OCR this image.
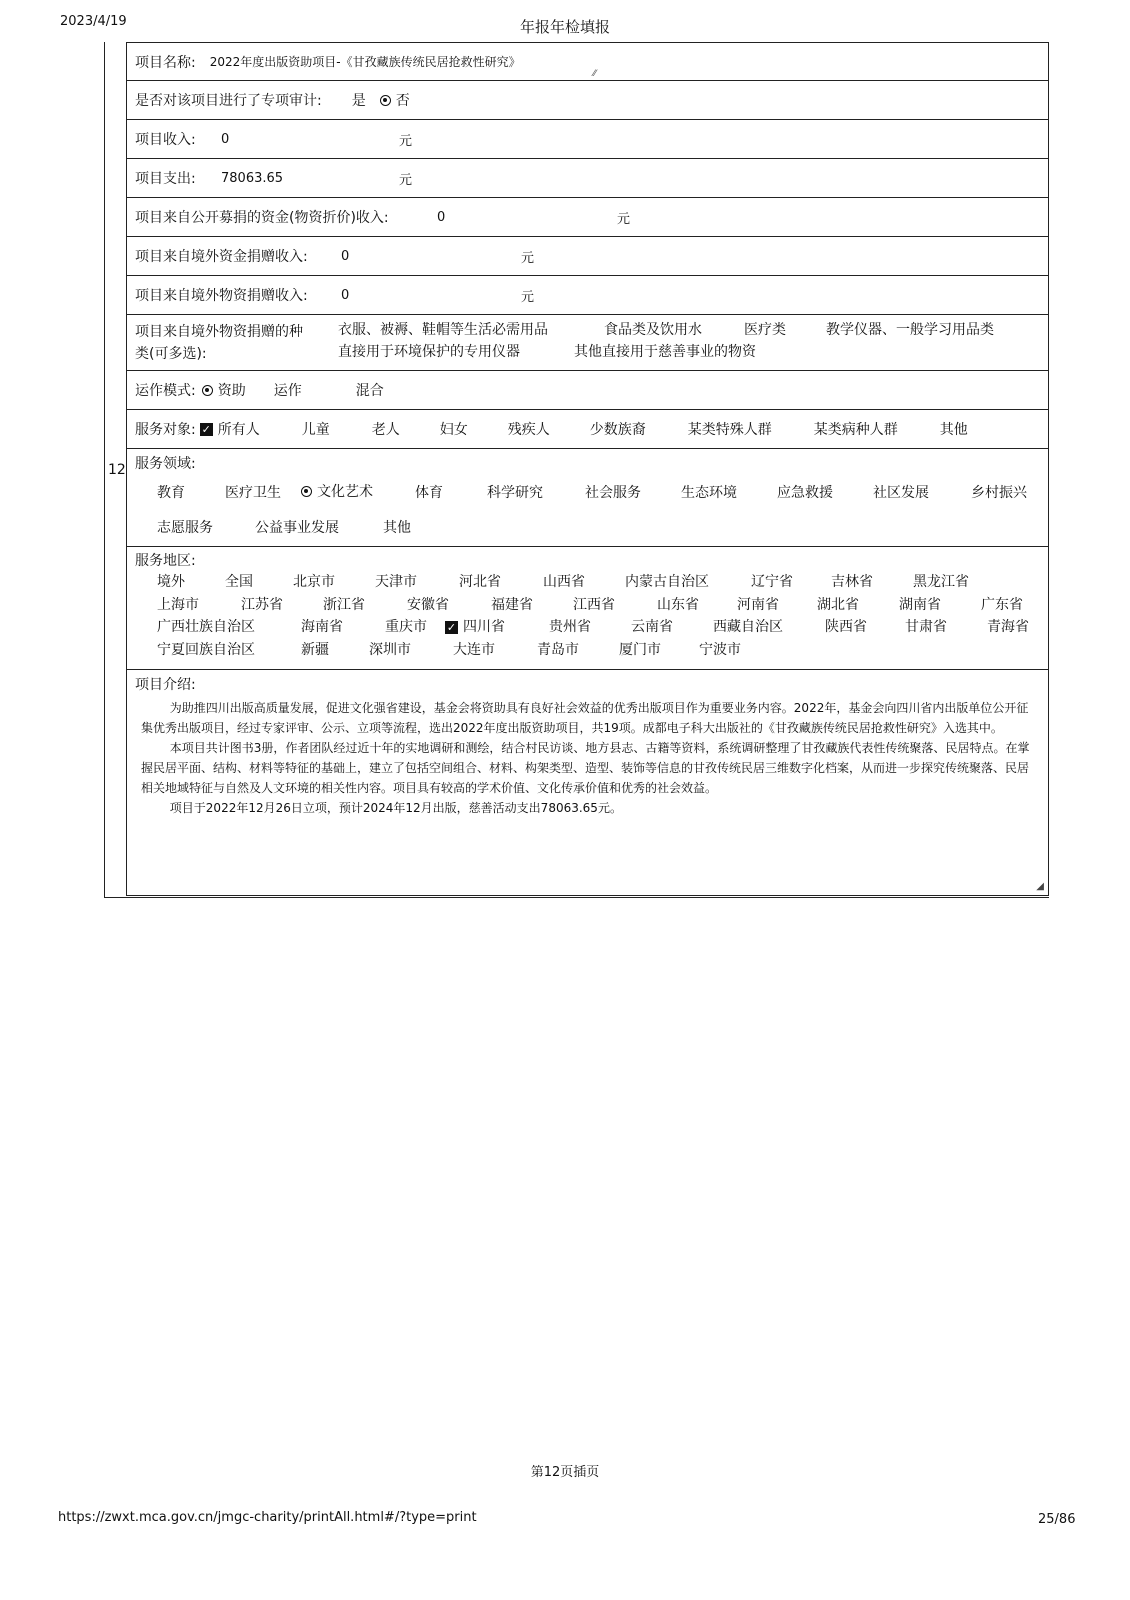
2023/4/19	年报年检填报
12
项目名称: 2022年度出版资助项目-《甘孜藏族传统民居抢救性研究》
⁄⁄
是否对该项目进行了专项审计: 是 否
项目收入: 0	元
项目支出: 78063.65	元
项目来自公开募捐的资金(物资折价)收入:	0	元
项目来自境外资金捐赠收入:	0	元
项目来自境外物资捐赠收入:	0	元
项目来自境外物资捐赠的种
类(可多选):
衣服、被褥、鞋帽等生活必需用品	食品类及饮用水	医疗类	教学仪器、一般学习用品类
直接用于环境保护的专用仪器	其他直接用于慈善事业的物资
运作模式: 资助 运作	混合
服务对象: ✓ 所有人	儿童	老人	妇女	残疾人	少数族裔	某类特殊人群	某类病种人群	其他
服务领域:
教育	医疗卫生	文化艺术	体育	科学研究	社会服务	生态环境	应急救援	社区发展	乡村振兴
志愿服务	公益事业发展	其他
服务地区:
境外	全国	北京市	天津市	河北省	山西省	内蒙古自治区	辽宁省	吉林省	黑龙江省
上海市	江苏省	浙江省	安徽省	福建省	江西省	山东省	河南省	湖北省	湖南省	广东省
广西壮族自治区	海南省	重庆市 ✓ 四川省	贵州省	云南省	西藏自治区	陕西省	甘肃省	青海省
宁夏回族自治区	新疆	深圳市	大连市	青岛市	厦门市	宁波市
项目介绍:

为助推四川出版高质量发展，促进文化强省建设，基金会将资助具有良好社会效益的优秀出版项目作为重要业务内容。2022年，基金会向四川省内出版单位公开征集优秀出版项目，经过专家评审、公示、立项等流程，选出2022年度出版资助项目，共19项。成都电子科大出版社的《甘孜藏族传统民居抢救性研究》入选其中。

本项目共计图书3册，作者团队经过近十年的实地调研和测绘，结合村民访谈、地方县志、古籍等资料，系统调研整理了甘孜藏族代表性传统聚落、民居特点。在掌握民居平面、结构、材料等特征的基础上，建立了包括空间组合、材料、构架类型、造型、装饰等信息的甘孜传统民居三维数字化档案，从而进一步探究传统聚落、民居相关地域特征与自然及人文环境的相关性内容。项目具有较高的学术价值、文化传承价值和优秀的社会效益。

项目于2022年12月26日立项，预计2024年12月出版，慈善活动支出78063.65元。

◢
第12页插页
https://zwxt.mca.gov.cn/jmgc-charity/printAll.html#/?type=print	25/86
